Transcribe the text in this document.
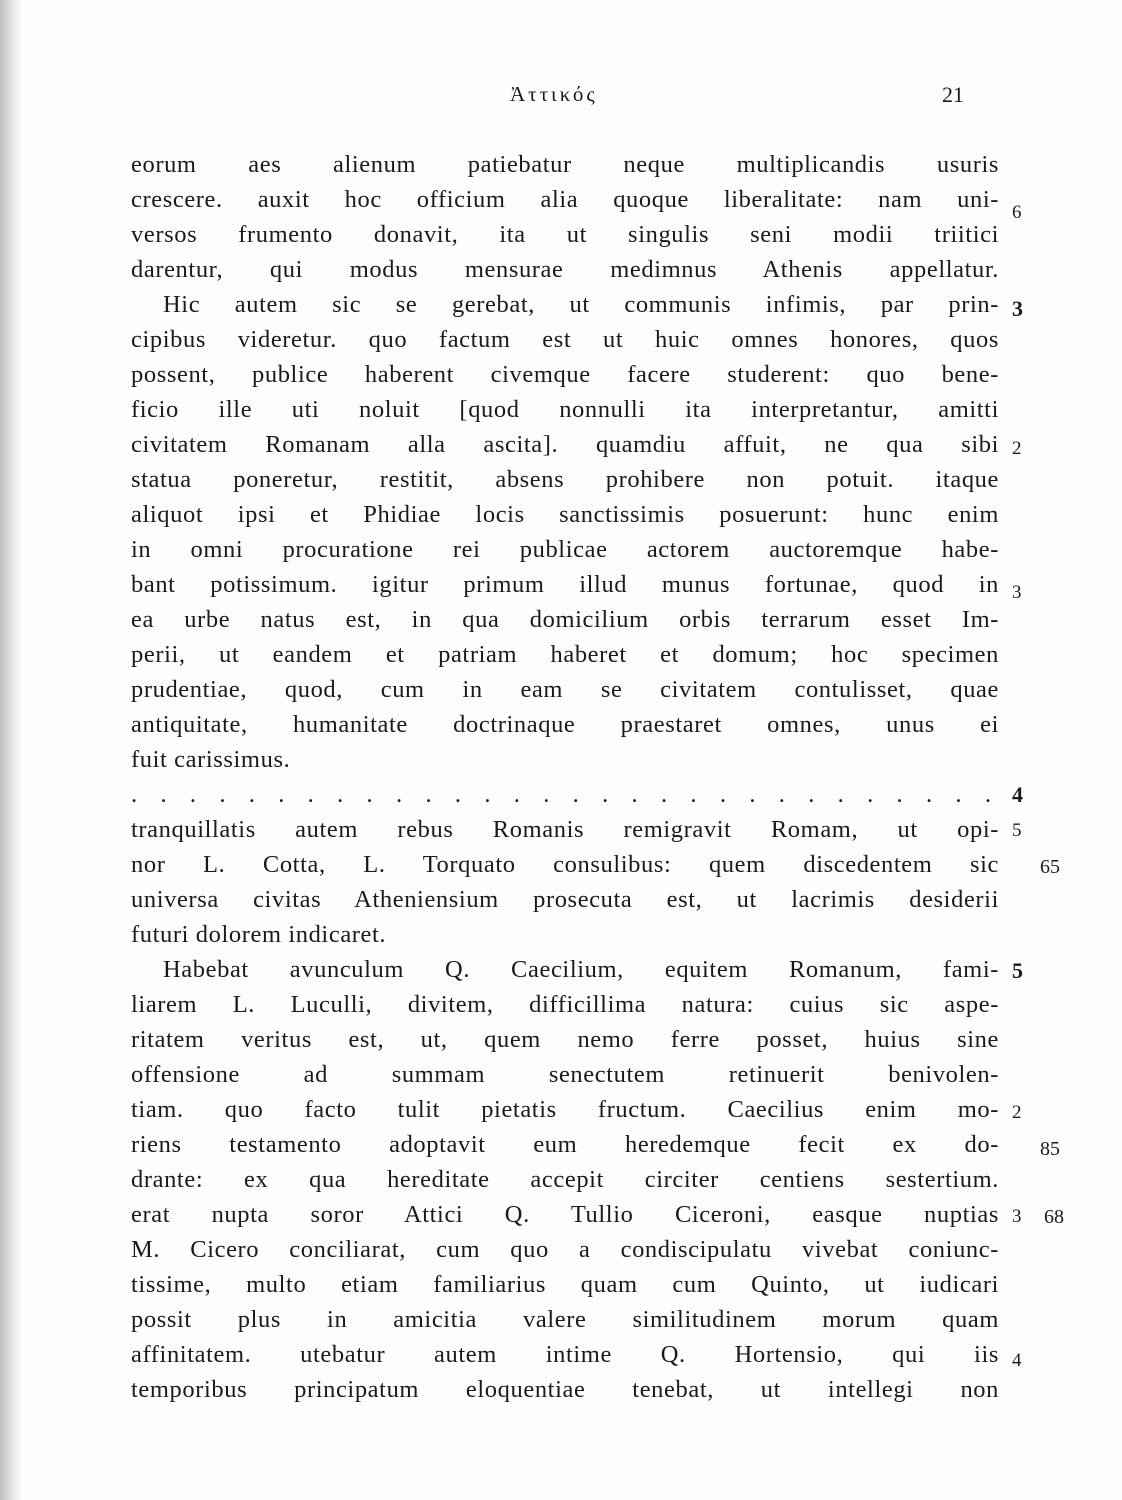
Ἀττικός	21
eorum aes alienum patiebatur neque multiplicandis usuris
crescere. auxit hoc officium alia quoque liberalitate: nam uni-
versos frumento donavit, ita ut singulis seni modii triitici
darentur, qui modus mensurae medimnus Athenis appellatur.
Hic autem sic se gerebat, ut communis infimis, par prin-
cipibus videretur. quo factum est ut huic omnes honores, quos
possent, publice haberent civemque facere studerent: quo bene-
ficio ille uti noluit [quod nonnulli ita interpretantur, amitti
civitatem Romanam alla ascita]. quamdiu affuit, ne qua sibi
statua poneretur, restitit, absens prohibere non potuit. itaque
aliquot ipsi et Phidiae locis sanctissimis posuerunt: hunc enim
in omni procuratione rei publicae actorem auctoremque habe-
bant potissimum. igitur primum illud munus fortunae, quod in
ea urbe natus est, in qua domicilium orbis terrarum esset Im-
perii, ut eandem et patriam haberet et domum; hoc specimen
prudentiae, quod, cum in eam se civitatem contulisset, quae
antiquitate, humanitate doctrinaque praestaret omnes, unus ei
fuit carissimus.
. . . . . . . . . . . . . . . . . . . . . . . . . . . . . .
tranquillatis autem rebus Romanis remigravit Romam, ut opi-
nor L. Cotta, L. Torquato consulibus: quem discedentem sic
universa civitas Atheniensium prosecuta est, ut lacrimis desiderii
futuri dolorem indicaret.
Habebat avunculum Q. Caecilium, equitem Romanum, fami-
liarem L. Luculli, divitem, difficillima natura: cuius sic aspe-
ritatem veritus est, ut, quem nemo ferre posset, huius sine
offensione ad summam senectutem retinuerit benivolen-
tiam. quo facto tulit pietatis fructum. Caecilius enim mo-
riens testamento adoptavit eum heredemque fecit ex do-
drante: ex qua hereditate accepit circiter centiens sestertium.
erat nupta soror Attici Q. Tullio Ciceroni, easque nuptias
M. Cicero conciliarat, cum quo a condiscipulatu vivebat coniunc-
tissime, multo etiam familiarius quam cum Quinto, ut iudicari
possit plus in amicitia valere similitudinem morum quam
affinitatem. utebatur autem intime Q. Hortensio, qui iis
temporibus principatum eloquentiae tenebat, ut intellegi non
6
3
2
3
4
5
65
5
2
85
3 68
4
